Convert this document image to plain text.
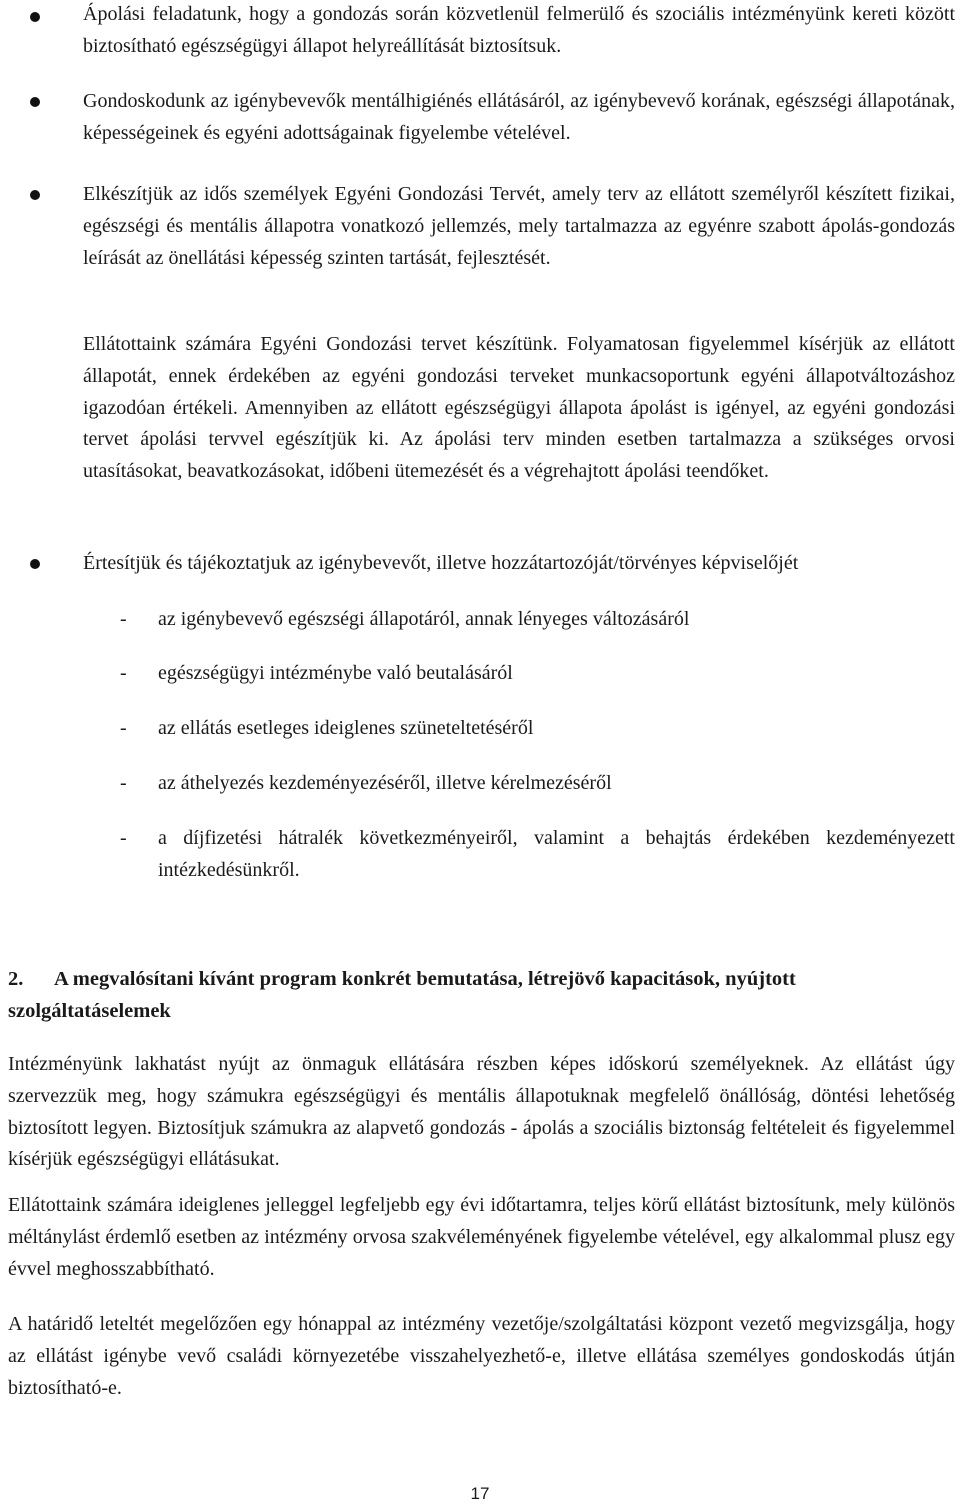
Ápolási feladatunk, hogy a gondozás során közvetlenül felmerülő és szociális intézményünk kereti között biztosítható egészségügyi állapot helyreállítását biztosítsuk.
Gondoskodunk az igénybevevők mentálhigiénés ellátásáról, az igénybevevő korának, egészségi állapotának, képességeinek és egyéni adottságainak figyelembe vételével.
Elkészítjük az idős személyek Egyéni Gondozási Tervét, amely terv az ellátott személyről készített fizikai, egészségi és mentális állapotra vonatkozó jellemzés, mely tartalmazza az egyénre szabott ápolás-gondozás leírását az önellátási képesség szinten tartását, fejlesztését.
Ellátottaink számára Egyéni Gondozási tervet készítünk. Folyamatosan figyelemmel kísérjük az ellátott állapotát, ennek érdekében az egyéni gondozási terveket munkacsoportunk egyéni állapotváltozáshoz igazodóan értékeli. Amennyiben az ellátott egészségügyi állapota ápolást is igényel, az egyéni gondozási tervet ápolási tervvel egészítjük ki. Az ápolási terv minden esetben tartalmazza a szükséges orvosi utasításokat, beavatkozásokat, időbeni ütemezését és a végrehajtott ápolási teendőket.
Értesítjük és tájékoztatjuk az igénybevevőt, illetve hozzátartozóját/törvényes képviselőjét
- az igénybevevő egészségi állapotáról, annak lényeges változásáról
- egészségügyi intézménybe való beutalásáról
- az ellátás esetleges ideiglenes szüneteltetéséről
- az áthelyezés kezdeményezéséről, illetve kérelmezéséről
- a díjfizetési hátralék következményeiről, valamint a behajtás érdekében kezdeményezett intézkedésünkről.
2. A megvalósítani kívánt program konkrét bemutatása, létrejövő kapacitások, nyújtott szolgáltatáselemek
Intézményünk lakhatást nyújt az önmaguk ellátására részben képes időskorú személyeknek. Az ellátást úgy szervezzük meg, hogy számukra egészségügyi és mentális állapotuknak megfelelő önállóság, döntési lehetőség biztosított legyen. Biztosítjuk számukra az alapvető gondozás - ápolás a szociális biztonság feltételeit és figyelemmel kísérjük egészségügyi ellátásukat.
Ellátottaink számára ideiglenes jelleggel legfeljebb egy évi időtartamra, teljes körű ellátást biztosítunk, mely különös méltánylást érdemlő esetben az intézmény orvosa szakvéleményének figyelembe vételével, egy alkalommal plusz egy évvel meghosszabbítható.
A határidő leteltét megelőzően egy hónappal az intézmény vezetője/szolgáltatási központ vezető megvizsgálja, hogy az ellátást igénybe vevő családi környezetébe visszahelyezhető-e, illetve ellátása személyes gondoskodás útján biztosítható-e.
17
